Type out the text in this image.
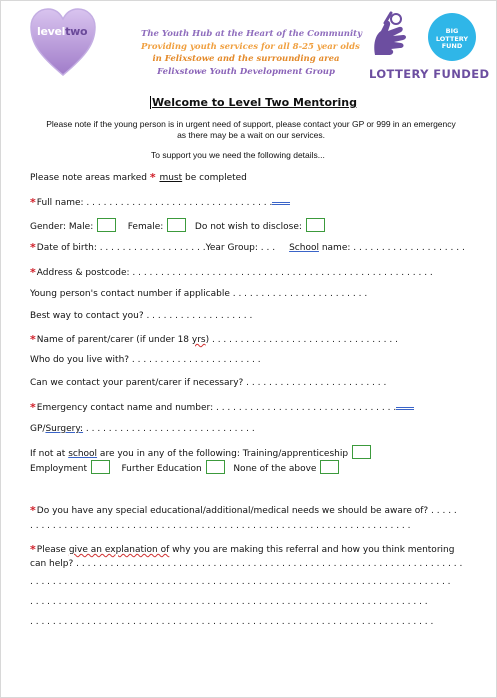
leveltwo	The Youth Hub at the Heart of the Community
Providing youth services for all 8-25 year olds
in Felixstowe and the surrounding area
Felixstowe Youth Development Group
BIG
LOTTERY
FUND
LOTTERY FUNDED
Welcome to Level Two Mentoring
Please note if the young person is in urgent need of support, please contact your GP or 999 in an emergency as there may be a wait on our services.
To support you we need the following details...
Please note areas marked * must be completed
*Full name: . . . . . . . . . . . . . . . . . . . . . . . . . . . . . . . . .
Gender: Male:	Female:	Do not wish to disclose:
*Date of birth: . . . . . . . . . . . . . . . . . . .Year Group: . . . School name: . . . . . . . . . . . . . . . . . . . .
*Address & postcode: . . . . . . . . . . . . . . . . . . . . . . . . . . . . . . . . . . . . . . . . . . . . . . . . . . . . .
Young person's contact number if applicable . . . . . . . . . . . . . . . . . . . . . . . .
Best way to contact you? . . . . . . . . . . . . . . . . . . .
*Name of parent/carer (if under 18 yrs) . . . . . . . . . . . . . . . . . . . . . . . . . . . . . . . . .
Who do you live with? . . . . . . . . . . . . . . . . . . . . . . .
Can we contact your parent/carer if necessary? . . . . . . . . . . . . . . . . . . . . . . . . .
*Emergency contact name and number: . . . . . . . . . . . . . . . . . . . . . . . . . . . . . . . .
GP/Surgery: . . . . . . . . . . . . . . . . . . . . . . . . . . . . . .
If not at school are you in any of the following: Training/apprenticeship
Employment	Further Education	None of the above
*Do you have any special educational/additional/medical needs we should be aware of? . . . . .
. . . . . . . . . . . . . . . . . . . . . . . . . . . . . . . . . . . . . . . . . . . . . . . . . . . . . . . . . . . . . . . . . . .
*Please give an explanation of why you are making this referral and how you think mentoring
can help? . . . . . . . . . . . . . . . . . . . . . . . . . . . . . . . . . . . . . . . . . . . . . . . . . . . . . . . . . . . . . . . . . . . .
. . . . . . . . . . . . . . . . . . . . . . . . . . . . . . . . . . . . . . . . . . . . . . . . . . . . . . . . . . . . . . . . . . . . . . . . . .
. . . . . . . . . . . . . . . . . . . . . . . . . . . . . . . . . . . . . . . . . . . . . . . . . . . . . . . . . . . . . . . . . . . . . .
. . . . . . . . . . . . . . . . . . . . . . . . . . . . . . . . . . . . . . . . . . . . . . . . . . . . . . . . . . . . . . . . . . . . . . .
